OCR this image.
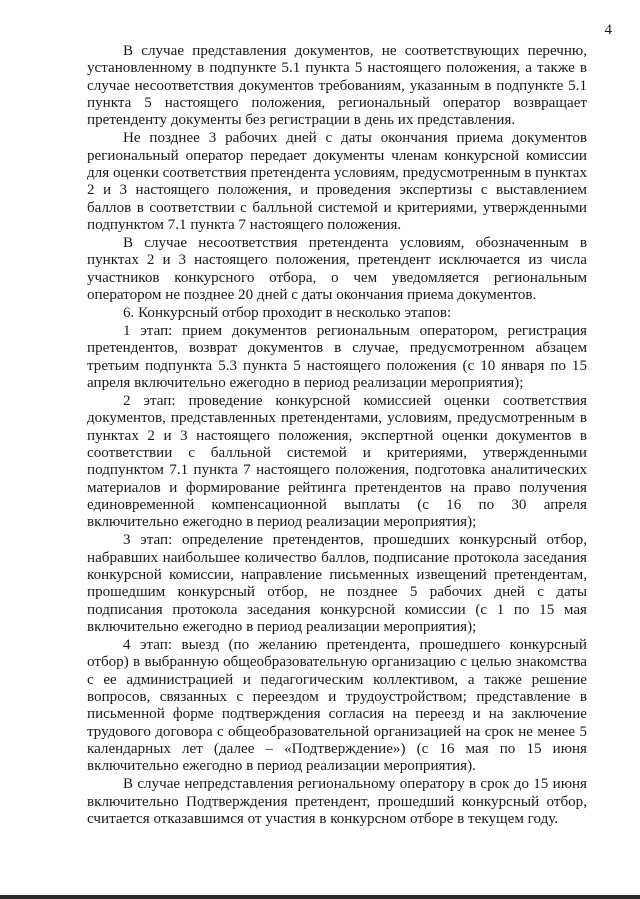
4

В случае представления документов, не соответствующих перечню, установленному в подпункте 5.1 пункта 5 настоящего положения, а также в случае несоответствия документов требованиям, указанным в подпункте 5.1 пункта 5 настоящего положения, региональный оператор возвращает претенденту документы без регистрации в день их представления.

Не позднее 3 рабочих дней с даты окончания приема документов региональный оператор передает документы членам конкурсной комиссии для оценки соответствия претендента условиям, предусмотренным в пунктах 2 и 3 настоящего положения, и проведения экспертизы с выставлением баллов в соответствии с балльной системой и критериями, утвержденными подпунктом 7.1 пункта 7 настоящего положения.

В случае несоответствия претендента условиям, обозначенным в пунктах 2 и 3 настоящего положения, претендент исключается из числа участников конкурсного отбора, о чем уведомляется региональным оператором не позднее 20 дней с даты окончания приема документов.

6. Конкурсный отбор проходит в несколько этапов:

1 этап: прием документов региональным оператором, регистрация претендентов, возврат документов в случае, предусмотренном абзацем третьим подпункта 5.3 пункта 5 настоящего положения (с 10 января по 15 апреля включительно ежегодно в период реализации мероприятия);

2 этап: проведение конкурсной комиссией оценки соответствия документов, представленных претендентами, условиям, предусмотренным в пунктах 2 и 3 настоящего положения, экспертной оценки документов в соответствии с балльной системой и критериями, утвержденными подпунктом 7.1 пункта 7 настоящего положения, подготовка аналитических материалов и формирование рейтинга претендентов на право получения единовременной компенсационной выплаты (с 16 по 30 апреля включительно ежегодно в период реализации мероприятия);

3 этап: определение претендентов, прошедших конкурсный отбор, набравших наибольшее количество баллов, подписание протокола заседания конкурсной комиссии, направление письменных извещений претендентам, прошедшим конкурсный отбор, не позднее 5 рабочих дней с даты подписания протокола заседания конкурсной комиссии (с 1 по 15 мая включительно ежегодно в период реализации мероприятия);

4 этап: выезд (по желанию претендента, прошедшего конкурсный отбор) в выбранную общеобразовательную организацию с целью знакомства с ее администрацией и педагогическим коллективом, а также решение вопросов, связанных с переездом и трудоустройством; представление в письменной форме подтверждения согласия на переезд и на заключение трудового договора с общеобразовательной организацией на срок не менее 5 календарных лет (далее – «Подтверждение») (с 16 мая по 15 июня включительно ежегодно в период реализации мероприятия).

В случае непредставления региональному оператору в срок до 15 июня включительно Подтверждения претендент, прошедший конкурсный отбор, считается отказавшимся от участия в конкурсном отборе в текущем году.
